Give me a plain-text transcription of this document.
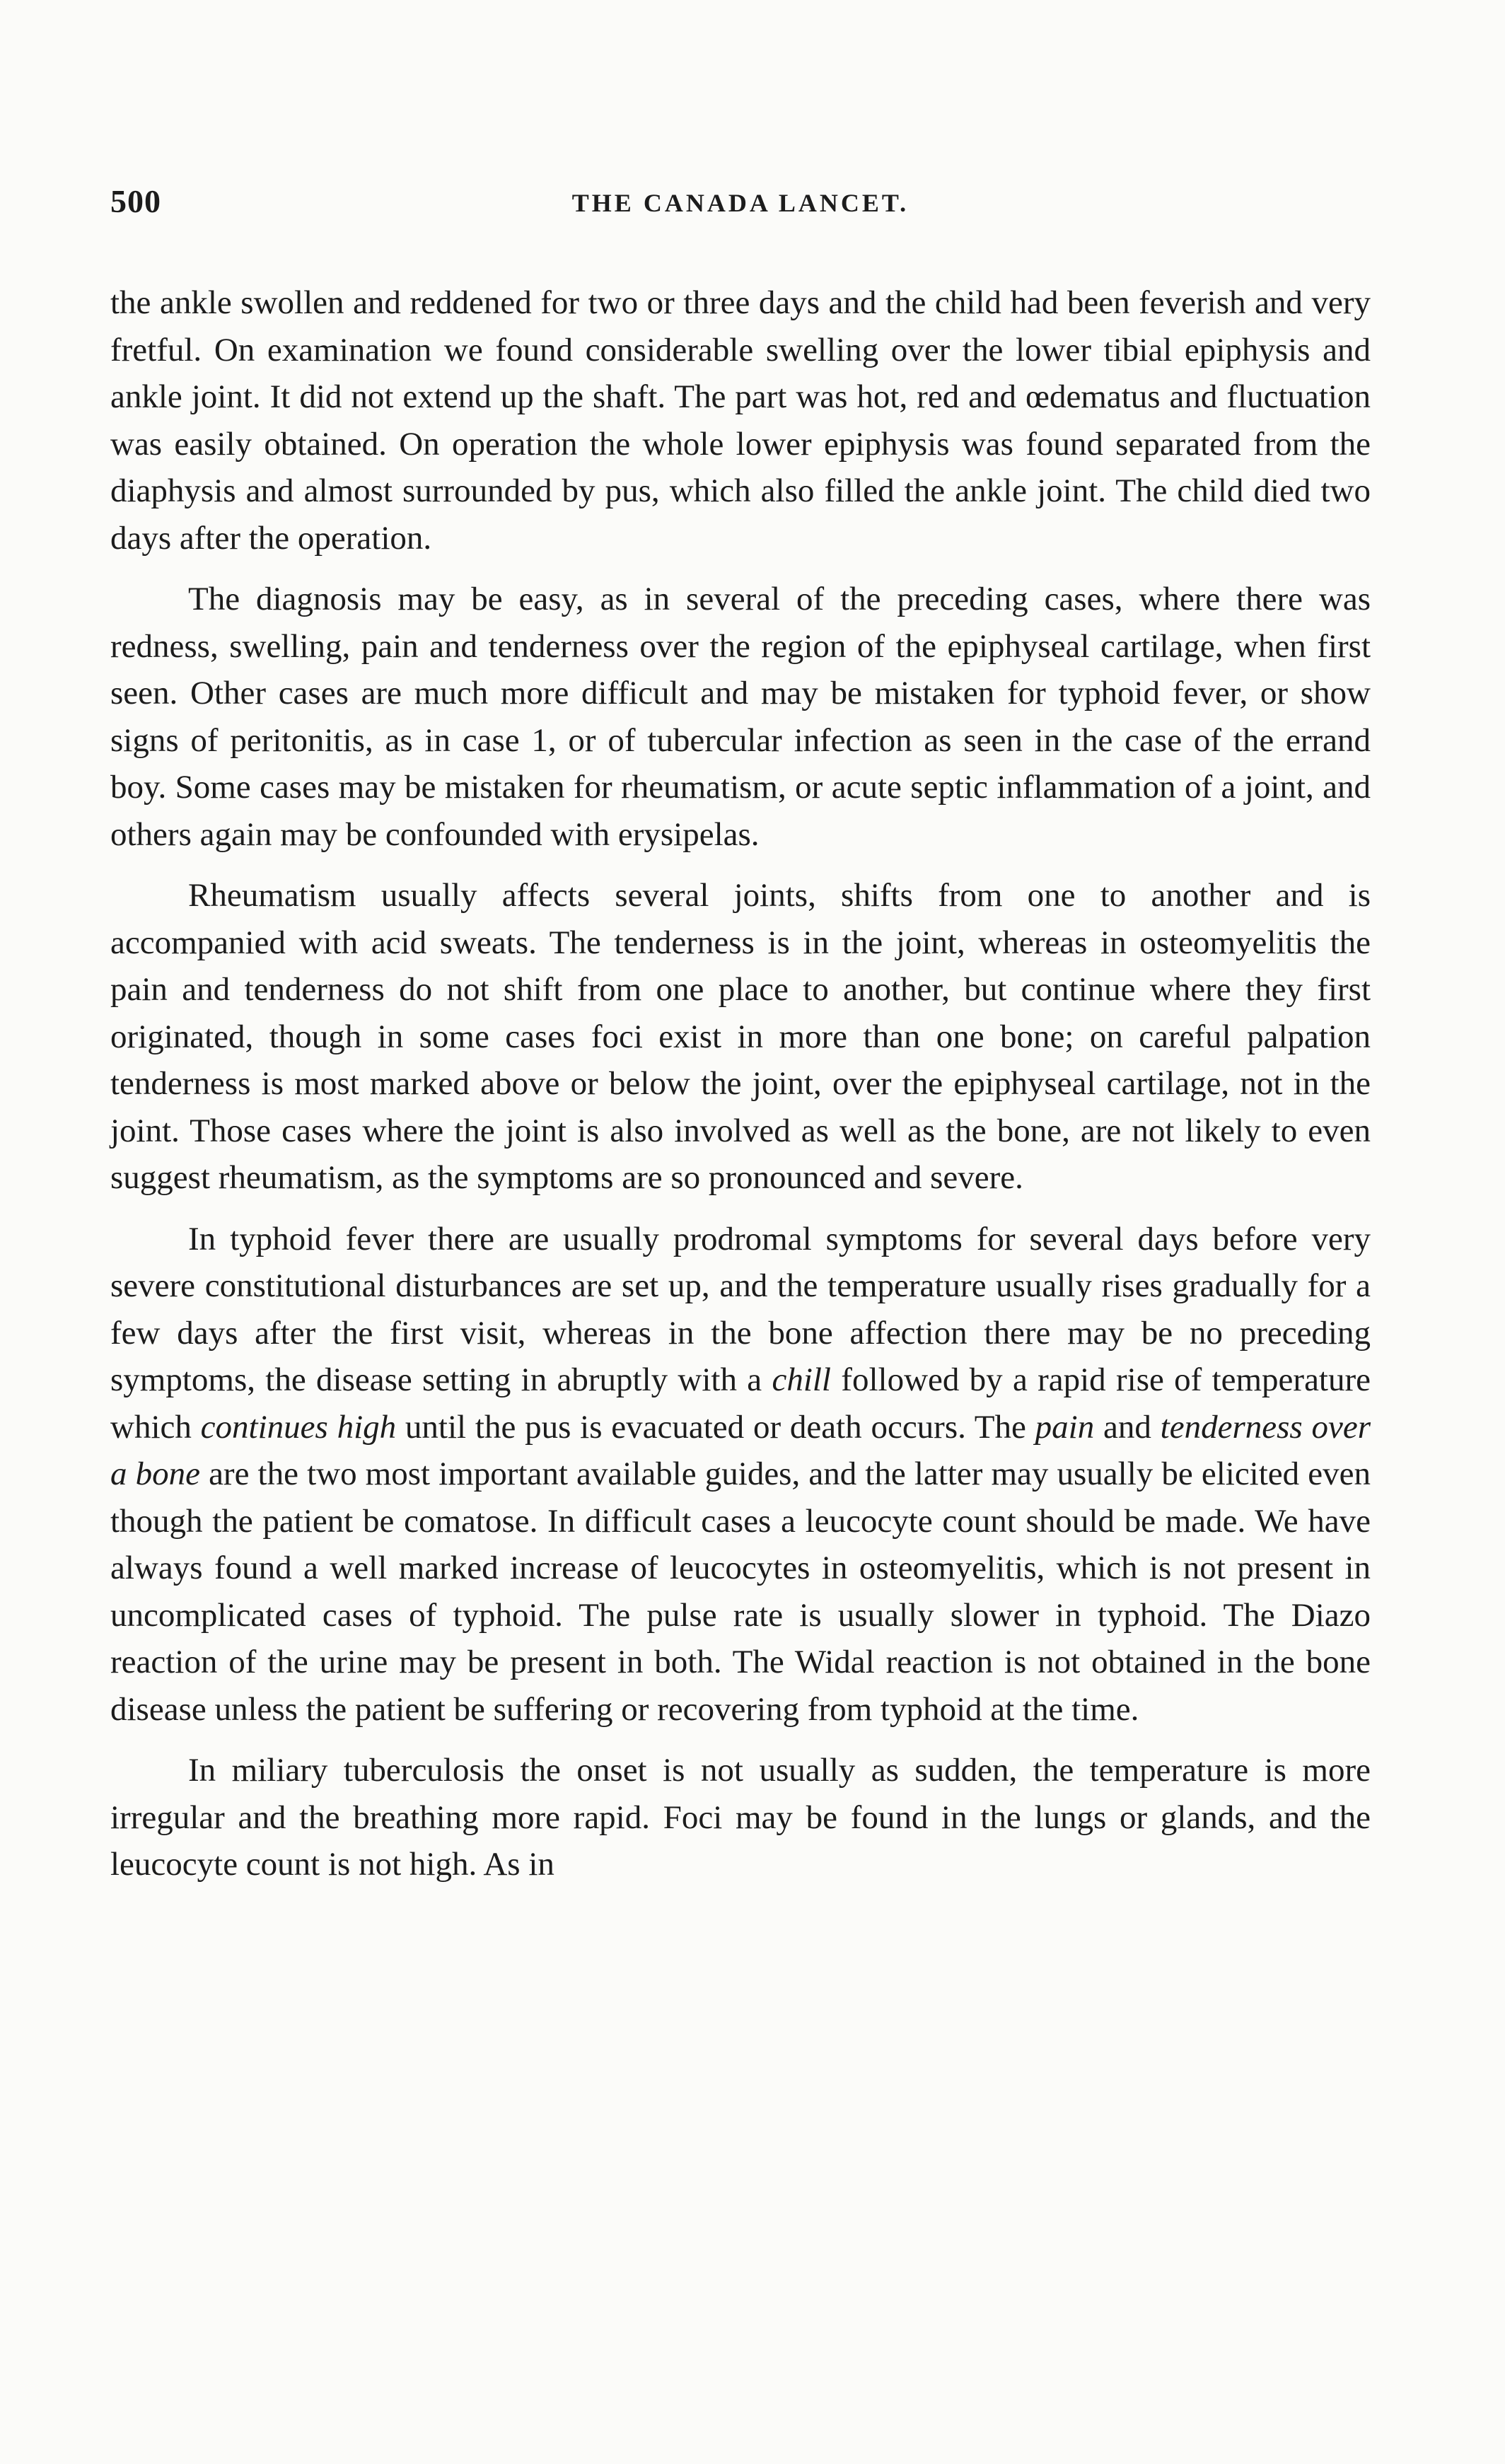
500	THE CANADA LANCET.

the ankle swollen and reddened for two or three days and the child had been feverish and very fretful. On examination we found considerable swelling over the lower tibial epiphysis and ankle joint. It did not extend up the shaft. The part was hot, red and œdematus and fluctuation was easily obtained. On operation the whole lower epiphysis was found separated from the diaphysis and almost surrounded by pus, which also filled the ankle joint. The child died two days after the operation.

The diagnosis may be easy, as in several of the preceding cases, where there was redness, swelling, pain and tenderness over the region of the epiphyseal cartilage, when first seen. Other cases are much more difficult and may be mistaken for typhoid fever, or show signs of peritonitis, as in case 1, or of tubercular infection as seen in the case of the errand boy. Some cases may be mistaken for rheumatism, or acute septic inflammation of a joint, and others again may be confounded with erysipelas.

Rheumatism usually affects several joints, shifts from one to another and is accompanied with acid sweats. The tenderness is in the joint, whereas in osteomyelitis the pain and tenderness do not shift from one place to another, but continue where they first originated, though in some cases foci exist in more than one bone; on careful palpation tenderness is most marked above or below the joint, over the epiphyseal cartilage, not in the joint. Those cases where the joint is also involved as well as the bone, are not likely to even suggest rheumatism, as the symptoms are so pronounced and severe.

In typhoid fever there are usually prodromal symptoms for several days before very severe constitutional disturbances are set up, and the temperature usually rises gradually for a few days after the first visit, whereas in the bone affection there may be no preceding symptoms, the disease setting in abruptly with a chill followed by a rapid rise of temperature which continues high until the pus is evacuated or death occurs. The pain and tenderness over a bone are the two most important available guides, and the latter may usually be elicited even though the patient be comatose. In difficult cases a leucocyte count should be made. We have always found a well marked increase of leucocytes in osteomyelitis, which is not present in uncomplicated cases of typhoid. The pulse rate is usually slower in typhoid. The Diazo reaction of the urine may be present in both. The Widal reaction is not obtained in the bone disease unless the patient be suffering or recovering from typhoid at the time.

In miliary tuberculosis the onset is not usually as sudden, the temperature is more irregular and the breathing more rapid. Foci may be found in the lungs or glands, and the leucocyte count is not high. As in
